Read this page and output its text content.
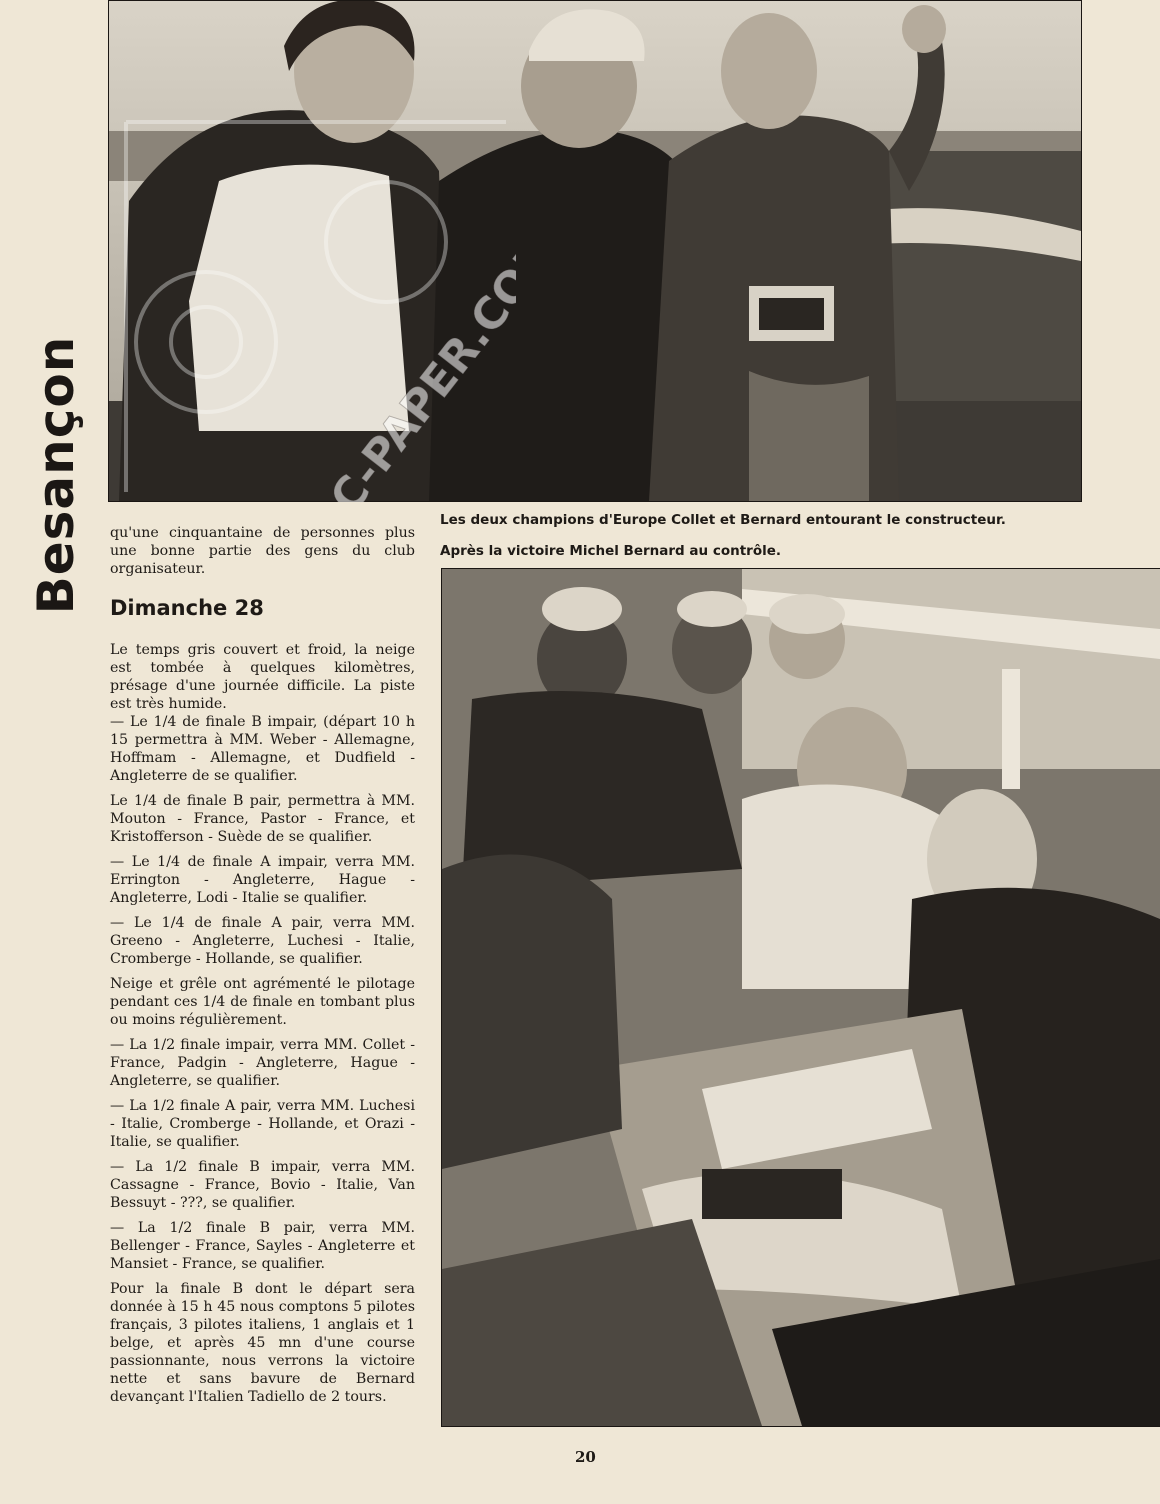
Besançon	Les deux champions d'Europe Collet et Bernard entourant le constructeur.
Après la victoire Michel Bernard au contrôle.

qu'une cinquantaine de personnes plus une bonne partie des gens du club organisateur.

Dimanche 28

Le temps gris couvert et froid, la neige est tombée à quelques kilomètres, présage d'une journée difficile. La piste est très humide.
— Le 1/4 de finale B impair, (départ 10 h 15 permettra à MM. Weber - Allemagne, Hoffmam - Allemagne, et Dudfield - Angleterre de se qualifier.

Le 1/4 de finale B pair, permettra à MM. Mouton - France, Pastor - France, et Kristofferson - Suède de se qualifier.

— Le 1/4 de finale A impair, verra MM. Errington - Angleterre, Hague - Angleterre, Lodi - Italie se qualifier.

— Le 1/4 de finale A pair, verra MM. Greeno - Angleterre, Luchesi - Italie, Cromberge - Hollande, se qualifier.

Neige et grêle ont agrémenté le pilotage pendant ces 1/4 de finale en tombant plus ou moins régulièrement.

— La 1/2 finale impair, verra MM. Collet - France, Padgin - Angleterre, Hague - Angleterre, se qualifier.

— La 1/2 finale A pair, verra MM. Luchesi - Italie, Cromberge - Hollande, et Orazi - Italie, se qualifier.

— La 1/2 finale B impair, verra MM. Cassagne - France, Bovio - Italie, Van Bessuyt - ???, se qualifier.

— La 1/2 finale B pair, verra MM. Bellenger - France, Sayles - Angleterre et Mansiet - France, se qualifier.

Pour la finale B dont le départ sera donnée à 15 h 45 nous comptons 5 pilotes français, 3 pilotes italiens, 1 anglais et 1 belge, et après 45 mn d'une course passionnante, nous verrons la victoire nette et sans bavure de Bernard devançant l'Italien Tadiello de 2 tours.

20
